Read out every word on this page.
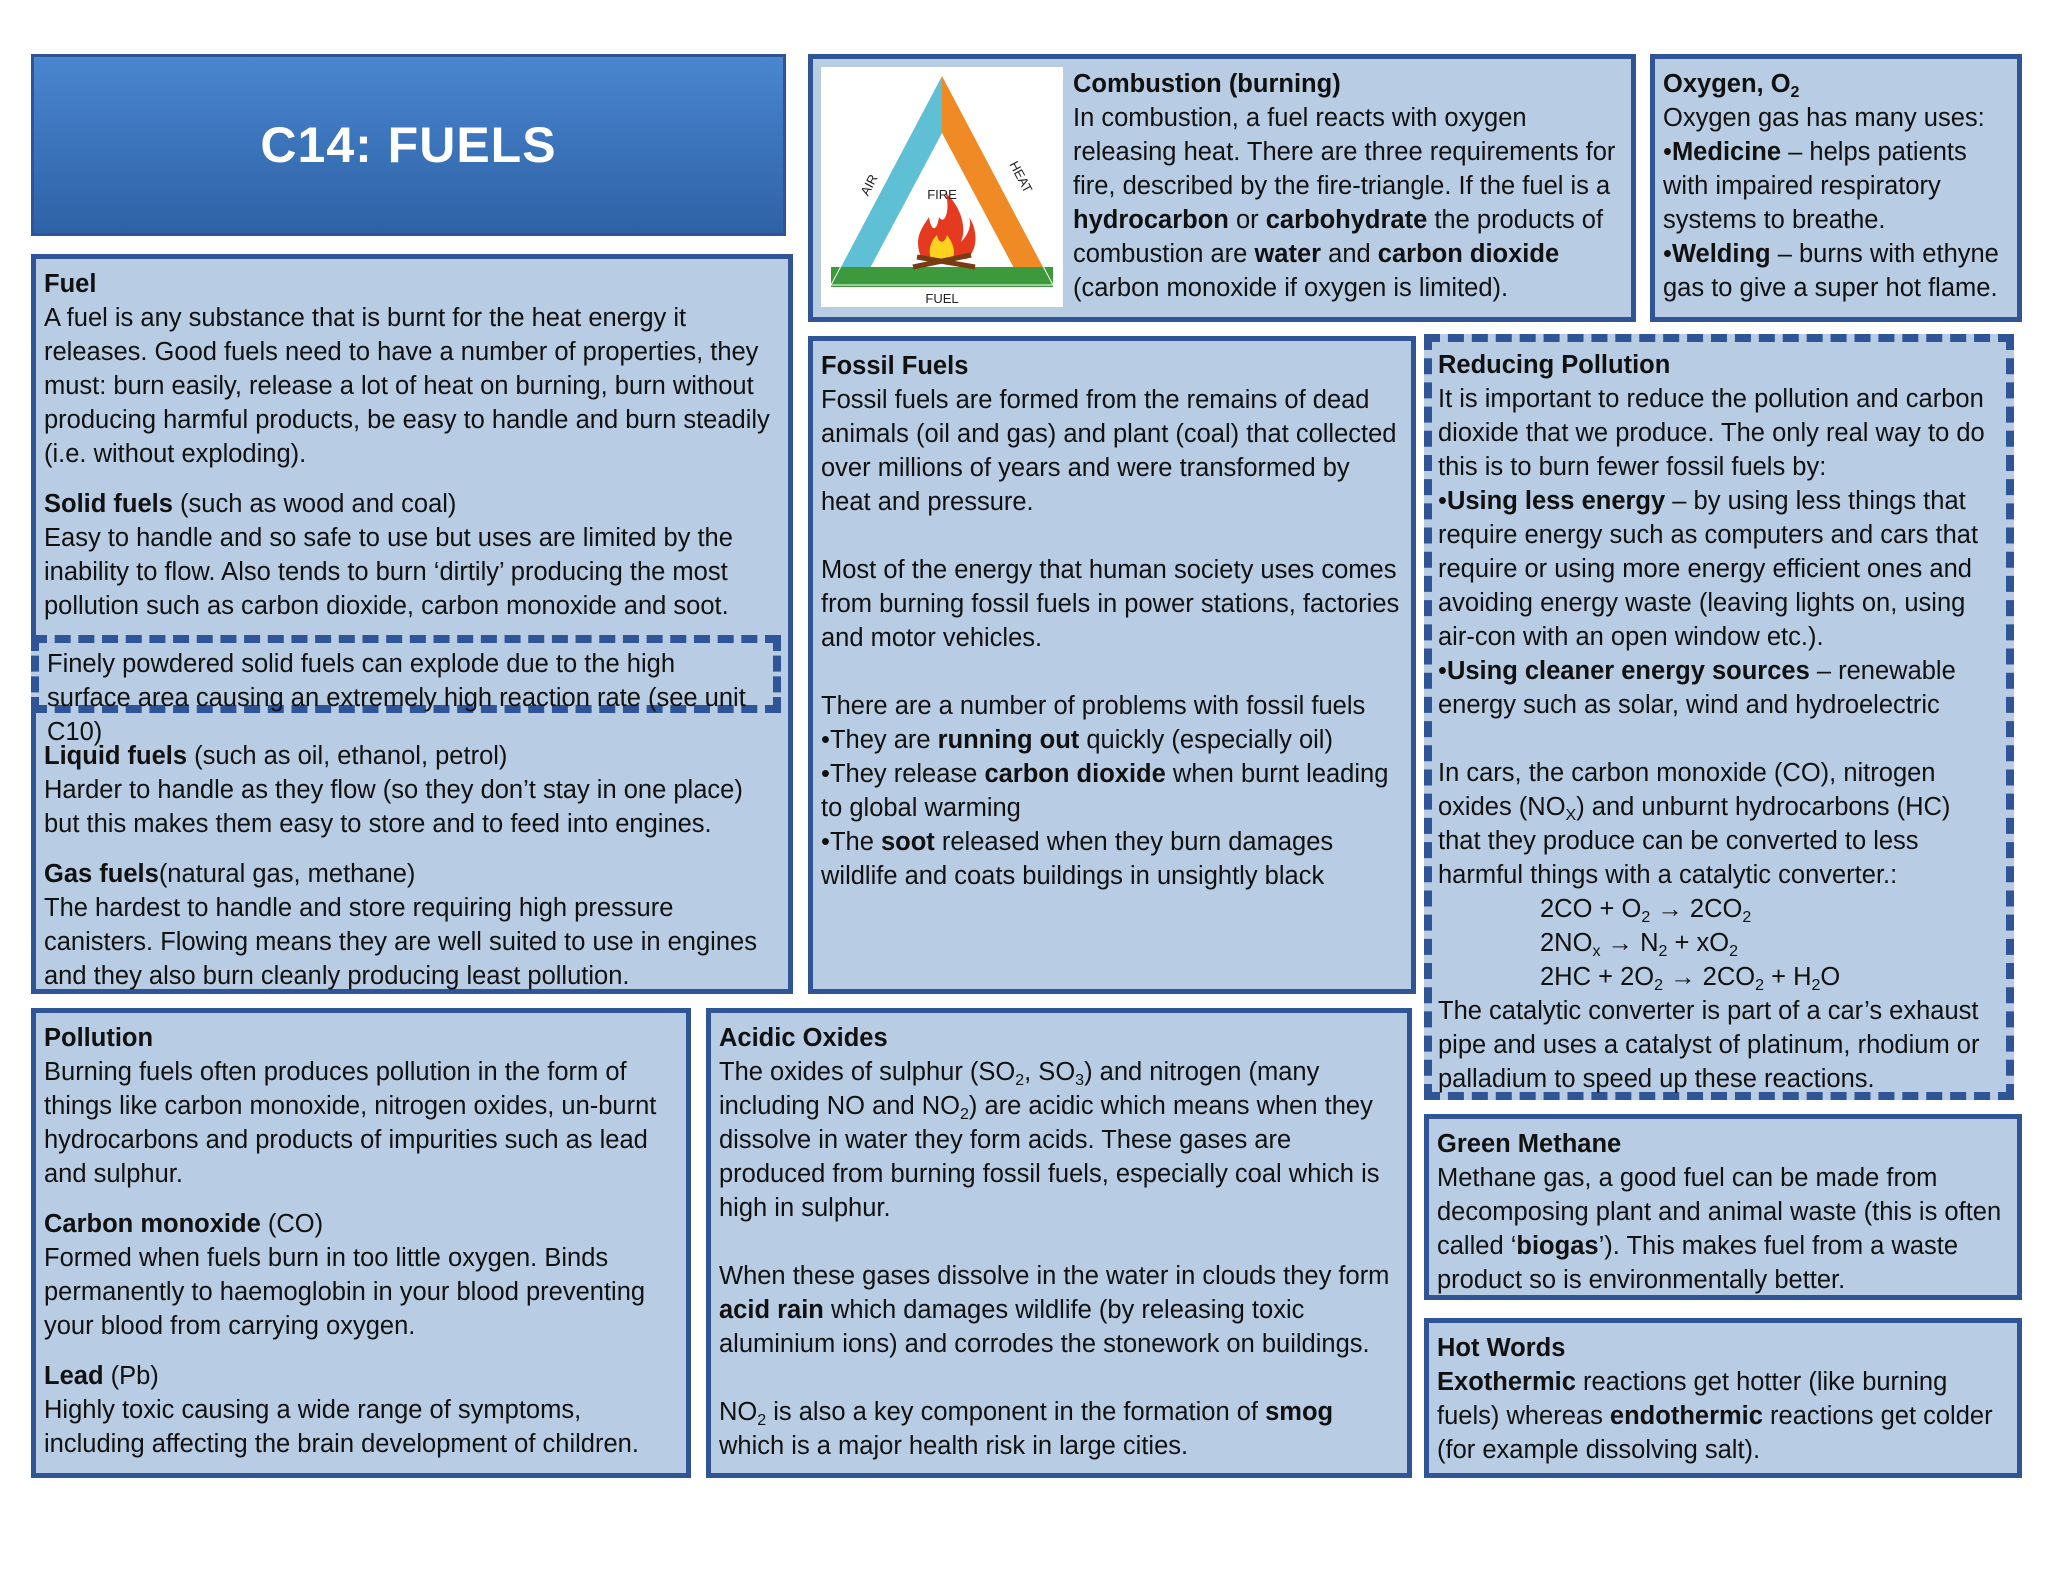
C14: FUELS

Fuel

A fuel is any substance that is burnt for the heat energy it releases. Good fuels need to have a number of properties, they must: burn easily, release a lot of heat on burning, burn without producing harmful products, be easy to handle and burn steadily (i.e. without exploding).

Solid fuels (such as wood and coal)

Easy to handle and so safe to use but uses are limited by the inability to flow. Also tends to burn ‘dirtily’ producing the most pollution such as carbon dioxide, carbon monoxide and soot.

Liquid fuels (such as oil, ethanol, petrol)

Harder to handle as they flow (so they don’t stay in one place) but this makes them easy to store and to feed into engines.

Gas fuels(natural gas, methane)

The hardest to handle and store requiring high pressure canisters. Flowing means they are well suited to use in engines and they also burn cleanly producing least pollution.

Finely powdered solid fuels can explode due to the high surface area causing an extremely high reaction rate (see unit C10)

FIRE
FUEL
AIR	HEAT

Combustion (burning)

In combustion, a fuel reacts with oxygen releasing heat. There are three requirements for fire, described by the fire-triangle. If the fuel is a hydrocarbon or carbohydrate the products of combustion are water and carbon dioxide (carbon monoxide if oxygen is limited).

Oxygen, $O_2$

Oxygen gas has many uses:

•Medicine – helps patients with impaired respiratory systems to breathe.

•Welding – burns with ethyne gas to give a super hot flame.

Fossil Fuels

Fossil fuels are formed from the remains of dead animals (oil and gas) and plant (coal) that collected over millions of years and were transformed by heat and pressure.

Most of the energy that human society uses comes from burning fossil fuels in power stations, factories and motor vehicles.

There are a number of problems with fossil fuels

•They are running out quickly (especially oil)

•They release carbon dioxide when burnt leading to global warming

•The soot released when they burn damages wildlife and coats buildings in unsightly black

Reducing Pollution

It is important to reduce the pollution and carbon dioxide that we produce. The only real way to do this is to burn fewer fossil fuels by:

•Using less energy – by using less things that require energy such as computers and cars that require or using more energy efficient ones and avoiding energy waste (leaving lights on, using air-con with an open window etc.).

•Using cleaner energy sources – renewable energy such as solar, wind and hydroelectric

In cars, the carbon monoxide (CO), nitrogen oxides $(NO_X)$ and unburnt hydrocarbons (HC) that they produce can be converted to less harmful things with a catalytic converter.:

$2CO + O_2 \to 2CO_2$

$2NO_x \to N_2 + xO_2$

$2HC + 2O_2 \to 2CO_2 + H_2O$

The catalytic converter is part of a car’s exhaust pipe and uses a catalyst of platinum, rhodium or palladium to speed up these reactions.

Pollution

Burning fuels often produces pollution in the form of things like carbon monoxide, nitrogen oxides, un-burnt hydrocarbons and products of impurities such as lead and sulphur.

Carbon monoxide (CO)

Formed when fuels burn in too little oxygen. Binds permanently to haemoglobin in your blood preventing your blood from carrying oxygen.

Lead (Pb)

Highly toxic causing a wide range of symptoms, including affecting the brain development of children.

Acidic Oxides

The oxides of sulphur ($SO_2$, $SO_3$) and nitrogen (many including NO and $NO_2$) are acidic which means when they dissolve in water they form acids. These gases are produced from burning fossil fuels, especially coal which is high in sulphur.

When these gases dissolve in the water in clouds they form acid rain which damages wildlife (by releasing toxic aluminium ions) and corrodes the stonework on buildings.

$NO_2$ is also a key component in the formation of smog which is a major health risk in large cities.

Green Methane

Methane gas, a good fuel can be made from decomposing plant and animal waste (this is often called ‘biogas’). This makes fuel from a waste product so is environmentally better.

Hot Words

Exothermic reactions get hotter (like burning fuels) whereas endothermic reactions get colder (for example dissolving salt).
